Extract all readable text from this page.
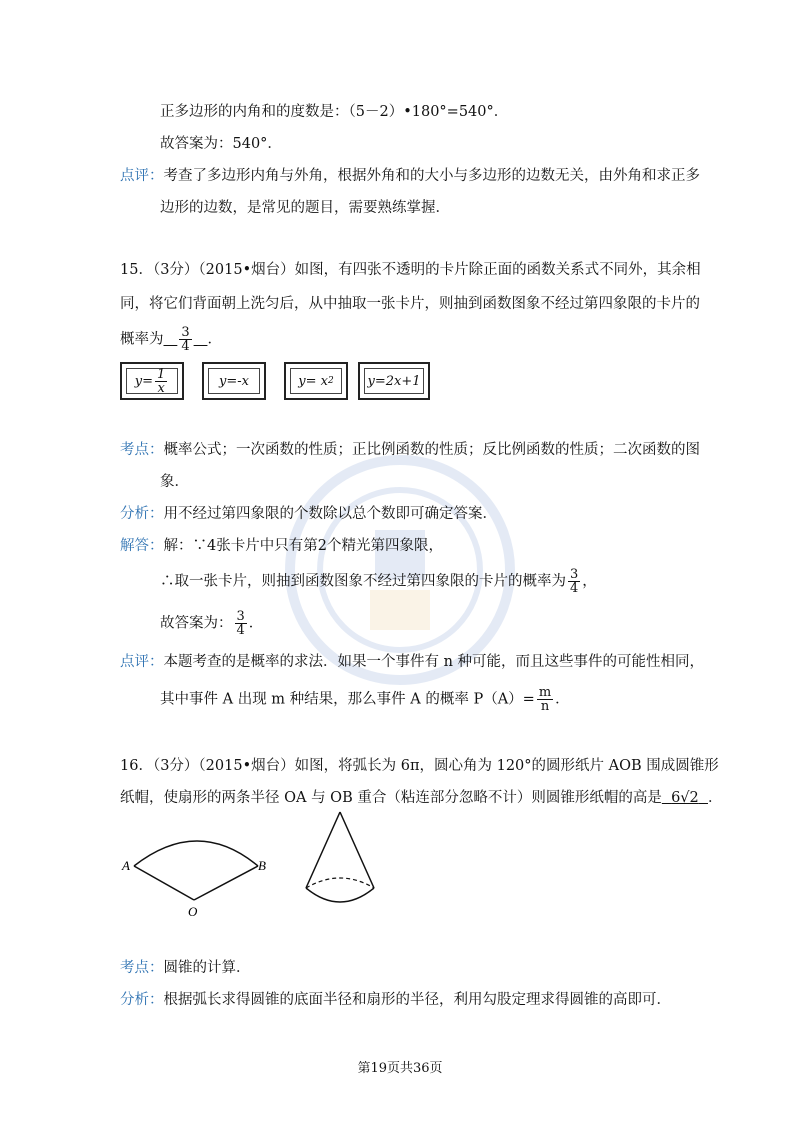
正多边形的内角和的度数是：（5－2）•180°=540°．
故答案为：540°．
点评：考查了多边形内角与外角，根据外角和的大小与多边形的边数无关，由外角和求正多
边形的边数，是常见的题目，需要熟练掌握．
15．（3分）（2015•烟台）如图，有四张不透明的卡片除正面的函数关系式不同外，其余相
同，将它们背面朝上洗匀后，从中抽取一张卡片，则抽到函数图象不经过第四象限的卡片的
概率为 $\frac{3}{4}$ ．
$y= \frac{1}{x}$	y=-x	y= x 2	y=2x+1
考点：概率公式；一次函数的性质；正比例函数的性质；反比例函数的性质；二次函数的图
象．
分析：用不经过第四象限的个数除以总个数即可确定答案．
解答：解：∵4张卡片中只有第2个精光第四象限，
∴取一张卡片，则抽到函数图象不经过第四象限的卡片的概率为 $\frac{3}{4}$ ，
故答案为： $\frac{3}{4}$ ．
点评：本题考查的是概率的求法．如果一个事件有 n 种可能，而且这些事件的可能性相同，
其中事件 A 出现 m 种结果，那么事件 A 的概率 $P(A)= \frac{m}{n}$ ．
16．（3分）（2015•烟台）如图，将弧长为 6π，圆心角为 120°的圆形纸片 AOB 围成圆锥形
纸帽，使扇形的两条半径 OA 与 OB 重合（粘连部分忽略不计）则圆锥形纸帽的高是 6√2 ．
A	B
O
考点：圆锥的计算．
分析：根据弧长求得圆锥的底面半径和扇形的半径，利用勾股定理求得圆锥的高即可．
第19页共36页
